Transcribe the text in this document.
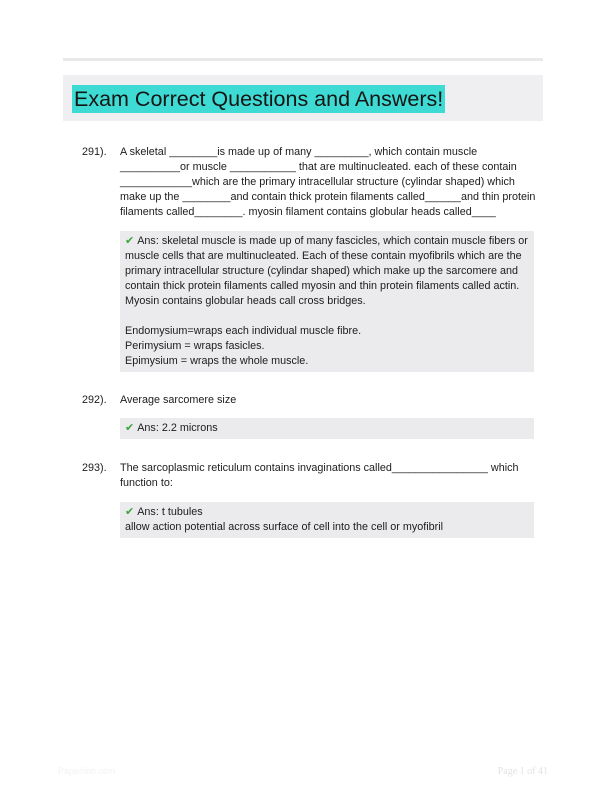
Exam Correct Questions and Answers!
291). A skeletal ________is made up of many _________, which contain muscle __________or muscle ___________ that are multinucleated. each of these contain ____________which are the primary intracellular structure (cylindar shaped) which make up the ________and contain thick protein filaments called______and thin protein filaments called________. myosin filament contains globular heads called____

✔ Ans: skeletal muscle is made up of many fascicles, which contain muscle fibers or muscle cells that are multinucleated. Each of these contain myofibrils which are the primary intracellular structure (cylindar shaped) which make up the sarcomere and contain thick protein filaments called myosin and thin protein filaments called actin. Myosin contains globular heads call cross bridges.

Endomysium=wraps each individual muscle fibre.

Perimysium = wraps fasicles.

Epimysium = wraps the whole muscle.

292). Average sarcomere size

✔ Ans: 2.2 microns

293). The sarcoplasmic reticulum contains invaginations called________________ which function to:

✔ Ans: t tubules

allow action potential across surface of cell into the cell or myofibril

Paperlibb.com	Page 1 of 41
